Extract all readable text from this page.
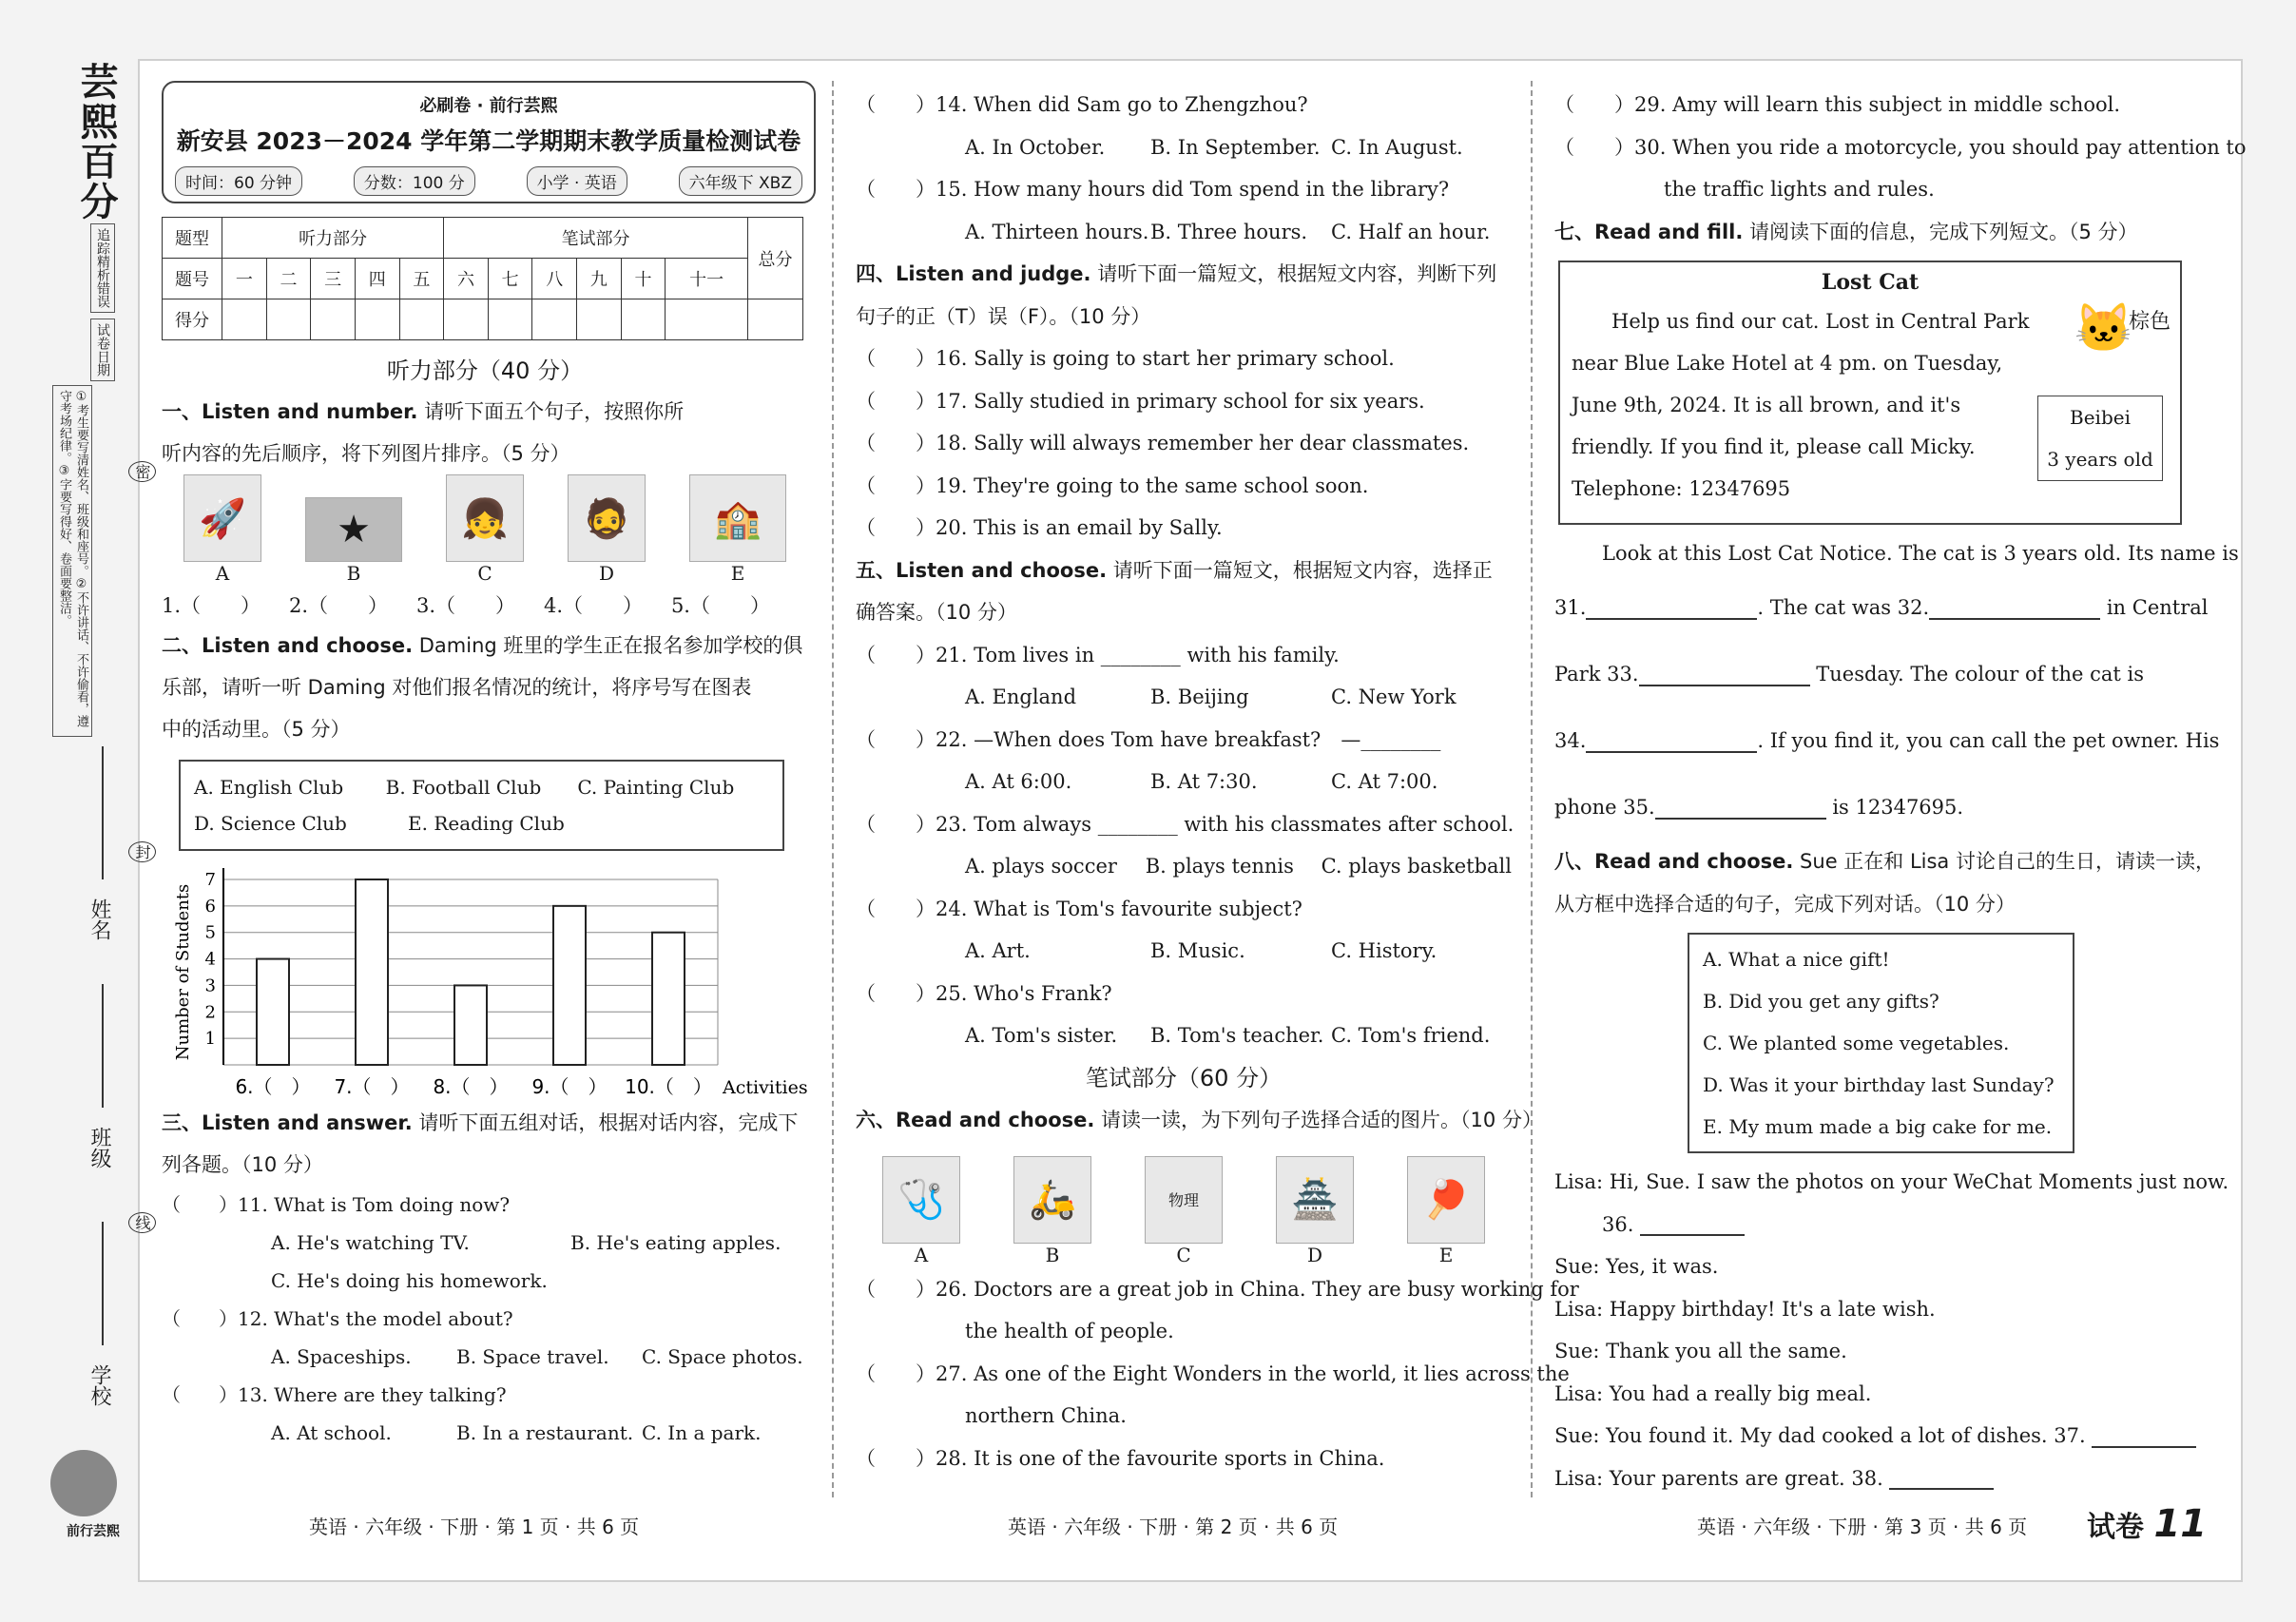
芸熙百分
追踪精析错误
试卷日期
①考生要写清姓名、班级和座号。②不许讲话、不许偷看，遵守考场纪律。③字要写得好、卷面要整洁。	密
姓名
封
班级
线
学校
前行芸熙
必刷卷 · 前行芸熙
新安县 2023－2024 学年第二学期期末教学质量检测试卷
时间：60 分钟	分数：100 分	小学 · 英语	六年级下 XBZ
题型	听力部分					笔试部分						总分
题号	一	二	三	四	五	六	七	八	九	十	十一	
得分												
听力部分（40 分）

一、Listen and number. 请听下面五个句子，按照你所

听内容的先后顺序，将下列图片排序。（5 分）

🚀
A
★
B
👧
C
🧔
D
🏫
E
1.（　　） 2.（　　） 3.（　　） 4.（　　） 5.（　　）

二、Listen and choose. Daming 班里的学生正在报名参加学校的俱

乐部，请听一听 Daming 对他们报名情况的统计，将序号写在图表

中的活动里。（5 分）

A. English Club	B. Football Club	C. Painting Club
D. Science Club	E. Reading Club
1
2
3
4
5
6
7
Number of Students
6.（　） 7.（　） 8.（　） 9.（　） 10.（　） Activities

三、Listen and answer. 请听下面五组对话，根据对话内容，完成下

列各题。（10 分）

（　　）11. What is Tom doing now?
A. He's watching TV.	B. He's eating apples.
C. He's doing his homework.
（　　）12. What's the model about?
A. Spaceships.	B. Space travel.	C. Space photos.
（　　）13. Where are they talking?
A. At school.	B. In a restaurant. C. In a park.
（　　）14. When did Sam go to Zhengzhou?
A. In October.	B. In September. C. In August.
（　　）15. How many hours did Tom spend in the library?
A. Thirteen hours. B. Three hours.	C. Half an hour.
四、Listen and judge. 请听下面一篇短文，根据短文内容，判断下列
句子的正（T）误（F）。（10 分）
（　　）16. Sally is going to start her primary school.
（　　）17. Sally studied in primary school for six years.
（　　）18. Sally will always remember her dear classmates.
（　　）19. They're going to the same school soon.
（　　）20. This is an email by Sally.
五、Listen and choose. 请听下面一篇短文，根据短文内容，选择正
确答案。（10 分）
（　　）21. Tom lives in ________ with his family.
A. England	B. Beijing	C. New York
（　　）22. —When does Tom have breakfast?　—________
A. At 6:00.	B. At 7:30.	C. At 7:00.
（　　）23. Tom always ________ with his classmates after school.
A. plays soccer	B. plays tennis	C. plays basketball
（　　）24. What is Tom's favourite subject?
A. Art.	B. Music.	C. History.
（　　）25. Who's Frank?
A. Tom's sister.	B. Tom's teacher. C. Tom's friend.
笔试部分（60 分）
六、Read and choose. 请读一读，为下列句子选择合适的图片。（10 分）
🩺
A
🛵
B
物理
C
🏯
D
🏓
E
（　　）26. Doctors are a great job in China. They are busy working for
the health of people.
（　　）27. As one of the Eight Wonders in the world, it lies across the
northern China.
（　　）28. It is one of the favourite sports in China.
（　　）29. Amy will learn this subject in middle school.
（　　）30. When you ride a motorcycle, you should pay attention to
the traffic lights and rules.
七、Read and fill. 请阅读下面的信息，完成下列短文。（5 分）
Lost Cat
Help us find our cat. Lost in Central Park near Blue Lake Hotel at 4 pm. on Tuesday, June 9th, 2024. It is all brown, and it's friendly. If you find it, please call Micky.
Telephone: 12347695
🐱
棕色
Beibei
3 years old
Look at this Lost Cat Notice. The cat is 3 years old. Its name is
31.	. The cat was 32.	in Central
Park 33.	Tuesday. The colour of the cat is
34.	. If you find it, you can call the pet owner. His
phone 35.	is 12347695.
八、Read and choose. Sue 正在和 Lisa 讨论自己的生日，请读一读，
从方框中选择合适的句子，完成下列对话。（10 分）
A. What a nice gift!
B. Did you get any gifts?
C. We planted some vegetables.
D. Was it your birthday last Sunday?
E. My mum made a big cake for me.
Lisa: Hi, Sue. I saw the photos on your WeChat Moments just now.
36.
Sue: Yes, it was.
Lisa: Happy birthday! It's a late wish.
Sue: Thank you all the same.
Lisa: You had a really big meal.
Sue: You found it. My dad cooked a lot of dishes. 37.
Lisa: Your parents are great. 38.
英语 · 六年级 · 下册 · 第 1 页 · 共 6 页	英语 · 六年级 · 下册 · 第 2 页 · 共 6 页	英语 · 六年级 · 下册 · 第 3 页 · 共 6 页 试卷 11
